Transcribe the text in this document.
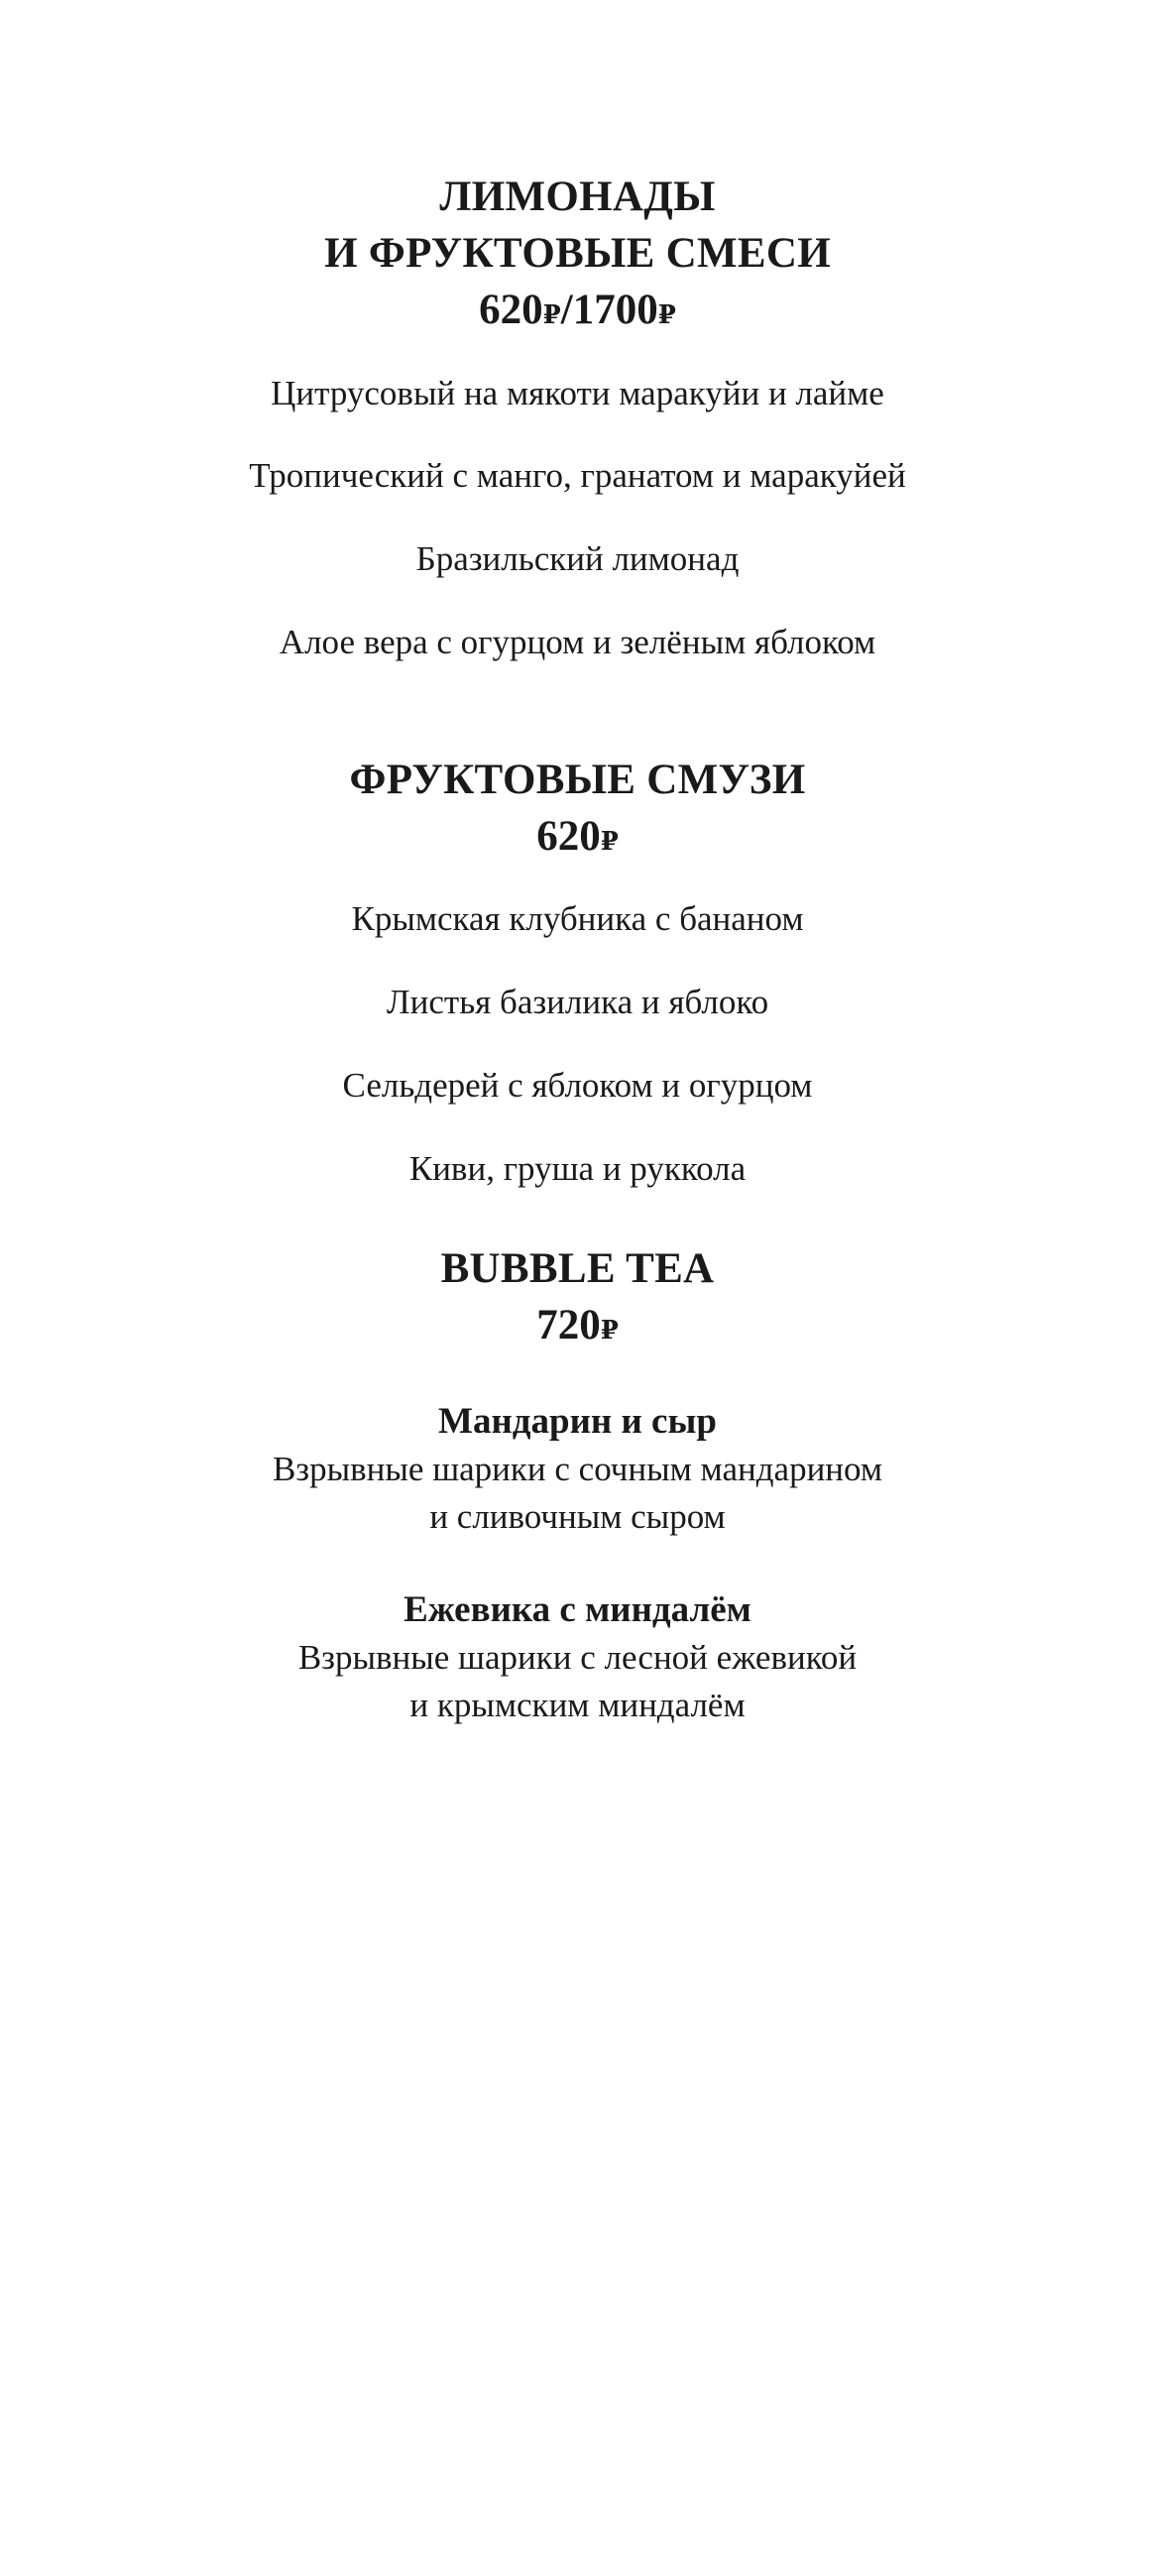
ЛИМОНАДЫ
И ФРУКТОВЫЕ СМЕСИ

620₽/1700₽

Цитрусовый на мякоти маракуйи и лайме

Тропический с манго, гранатом и маракуйей

Бразильский лимонад

Алое вера с огурцом и зелёным яблоком

ФРУКТОВЫЕ СМУЗИ

620₽

Крымская клубника с бананом

Листья базилика и яблоко

Сельдерей с яблоком и огурцом

Киви, груша и руккола

BUBBLE TEA

720₽

Мандарин и сыр

Взрывные шарики с сочным мандарином

и сливочным сыром

Ежевика с миндалём

Взрывные шарики с лесной ежевикой

и крымским миндалём
